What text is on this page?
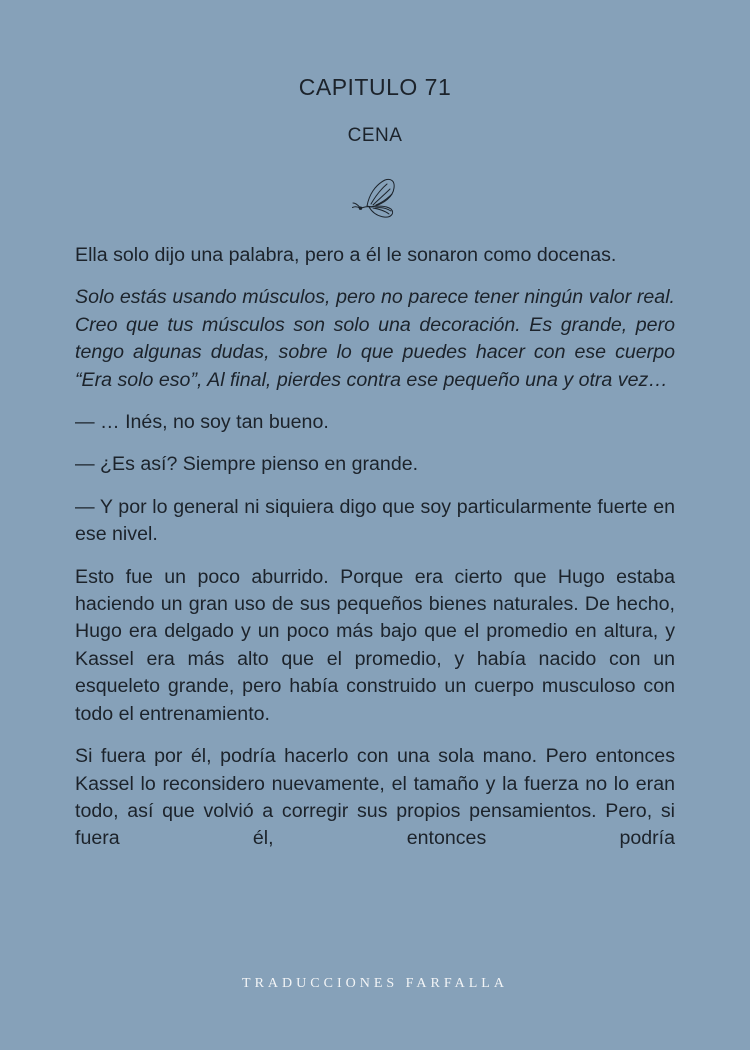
CAPITULO 71
CENA

Ella solo dijo una palabra, pero a él le sonaron como docenas.

Solo estás usando músculos, pero no parece tener ningún valor real. Creo que tus músculos son solo una decoración. Es grande, pero tengo algunas dudas, sobre lo que puedes hacer con ese cuerpo “Era solo eso”, Al final, pierdes contra ese pequeño una y otra vez…

— … Inés, no soy tan bueno.

— ¿Es así? Siempre pienso en grande.

— Y por lo general ni siquiera digo que soy particularmente fuerte en ese nivel.

Esto fue un poco aburrido. Porque era cierto que Hugo estaba haciendo un gran uso de sus pequeños bienes naturales. De hecho, Hugo era delgado y un poco más bajo que el promedio en altura, y Kassel era más alto que el promedio, y había nacido con un esqueleto grande, pero había construido un cuerpo musculoso con todo el entrenamiento.

Si fuera por él, podría hacerlo con una sola mano. Pero entonces Kassel lo reconsidero nuevamente, el tamaño y la fuerza no lo eran todo, así que volvió a corregir sus propios pensamientos. Pero, si fuera él, entonces podría

TRADUCCIONES FARFALLA
